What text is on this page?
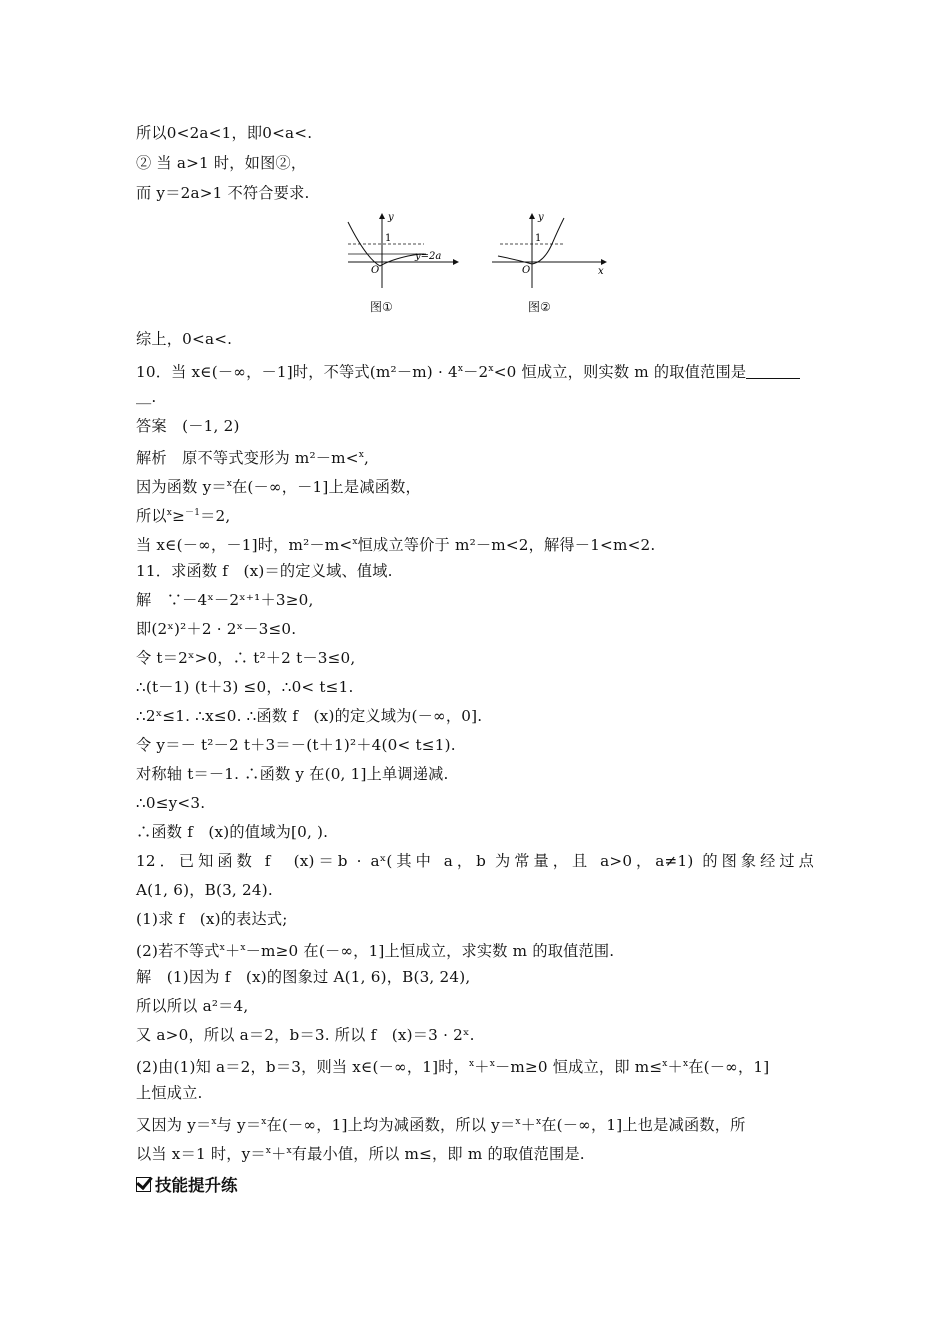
所以0<2a<1，即0<a<.
② 当 a>1 时，如图②，
而 y＝2a>1 不符合要求.
y
1
O
y=2a
图①
y
x
1
O
图②
综上，0<a<.
10．当 x∈(－∞，－1]时，不等式$(m^2-m) \cdot 4^x-2^x<0$ 恒成立，则实数 m 的取值范围是
＿.
答案　(－1, 2)
解析　原不等式变形为 m²－m<$^x$,
因为函数 y＝$^x$在(－∞，－1]上是减函数，
所以$^x$≥$^{-1}$＝2,
当 x∈(－∞，－1]时，m²－m<$^x$恒成立等价于 m²－m<2，解得－1<m<2.
11．求函数 f　(x)＝的定义域、值域.
解　∵－4ˣ－2ˣ⁺¹＋3≥0,
即(2ˣ)²＋2 · 2ˣ－3≤0.
令 t＝2ˣ>0，∴ t²＋2 t－3≤0,
∴(t－1) (t＋3) ≤0，∴0< t≤1.
∴2ˣ≤1. ∴x≤0. ∴函数 f　(x)的定义域为(－∞，0].
令 y＝－ t²－2 t＋3＝－(t＋1)²＋4(0< t≤1).
对称轴 t＝－1. ∴函数 y 在(0, 1]上单调递减.
∴0≤y<3.
∴函数 f　(x)的值域为[0, ).
12．已知函数 f　(x)＝b · aˣ(其中 a，b 为常量，且 a>0，a≠1) 的图象经过点
A(1, 6)，B(3, 24).
(1)求 f　(x)的表达式;
(2)若不等式$^x$＋$^x$－m≥0 在(－∞，1]上恒成立，求实数 m 的取值范围.
解　(1)因为 f　(x)的图象过 A(1, 6)，B(3, 24),
所以所以 a²＝4,
又 a>0，所以 a＝2，b＝3. 所以 f　(x)＝3 · 2ˣ.
(2)由(1)知 a＝2，b＝3，则当 x∈(－∞，1]时，$^x$＋$^x$－m≥0 恒成立，即 m≤$^x$＋$^x$在(－∞，1]
上恒成立.
又因为 y＝$^x$与 y＝$^x$在(－∞，1]上均为减函数，所以 y＝$^x$＋$^x$在(－∞，1]上也是减函数，所
以当 x＝1 时，y＝$^x$＋$^x$有最小值，所以 m≤，即 m 的取值范围是.
技能提升练
